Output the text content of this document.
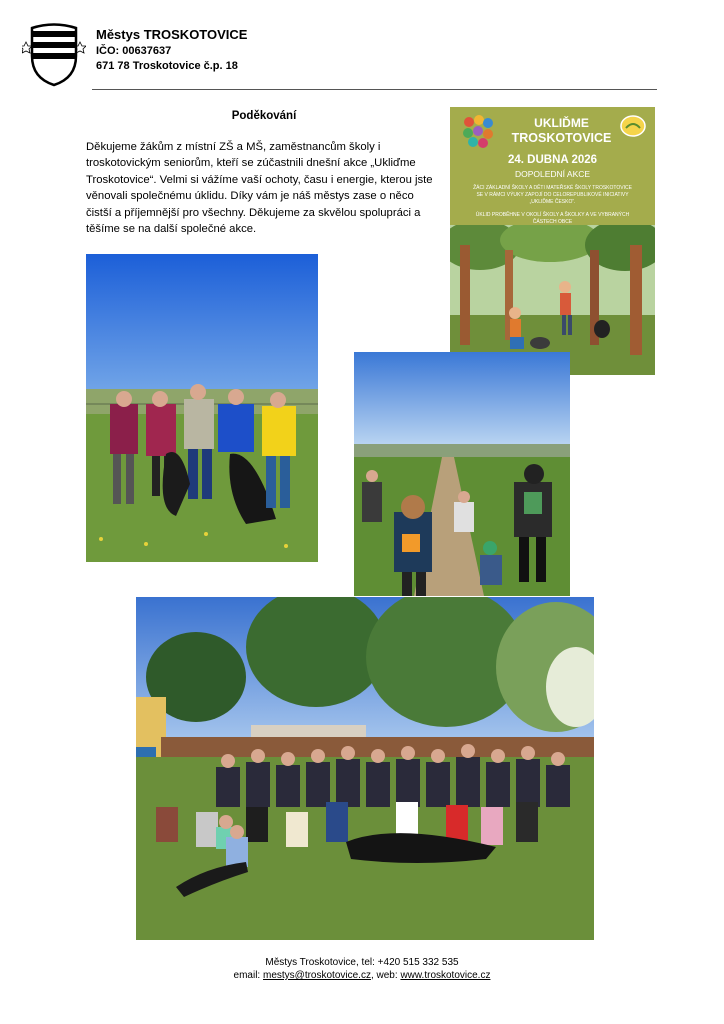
Městys TROSKOTOVICE
IČO: 00637637
671 78 Troskotovice č.p. 18
Poděkování
Děkujeme žákům z místní ZŠ a MŠ, zaměstnancům školy i troskotovickým seniorům, kteří se zúčastnili dnešní akce „Ukliďme Troskotovice“. Velmi si vážíme vaší ochoty, času i energie, kterou jste věnovali společnému úklidu. Díky vám je náš městys zase o něco čistší a příjemnější pro všechny. Děkujeme za skvělou spolupráci a těšíme se na další společné akce.
UKLIĎME
TROSKOTOVICE
24. DUBNA 2026
DOPOLEDNÍ AKCE
ŽÁCI ZÁKLADNÍ ŠKOLY A DĚTI MATEŘSKÉ ŠKOLY TROSKOTOVICE
SE V RÁMCI VÝUKY ZAPOJÍ DO CELOREPUBLIKOVÉ INICIATIVY
„UKLIĎME ČESKO“.
ÚKLID PROBĚHNE V OKOLÍ ŠKOLY A ŠKOLKY A VE VYBRANÝCH
ČÁSTECH OBCE
Městys Troskotovice, tel: +420 515 332 535
email: mestys@troskotovice.cz, web: www.troskotovice.cz
